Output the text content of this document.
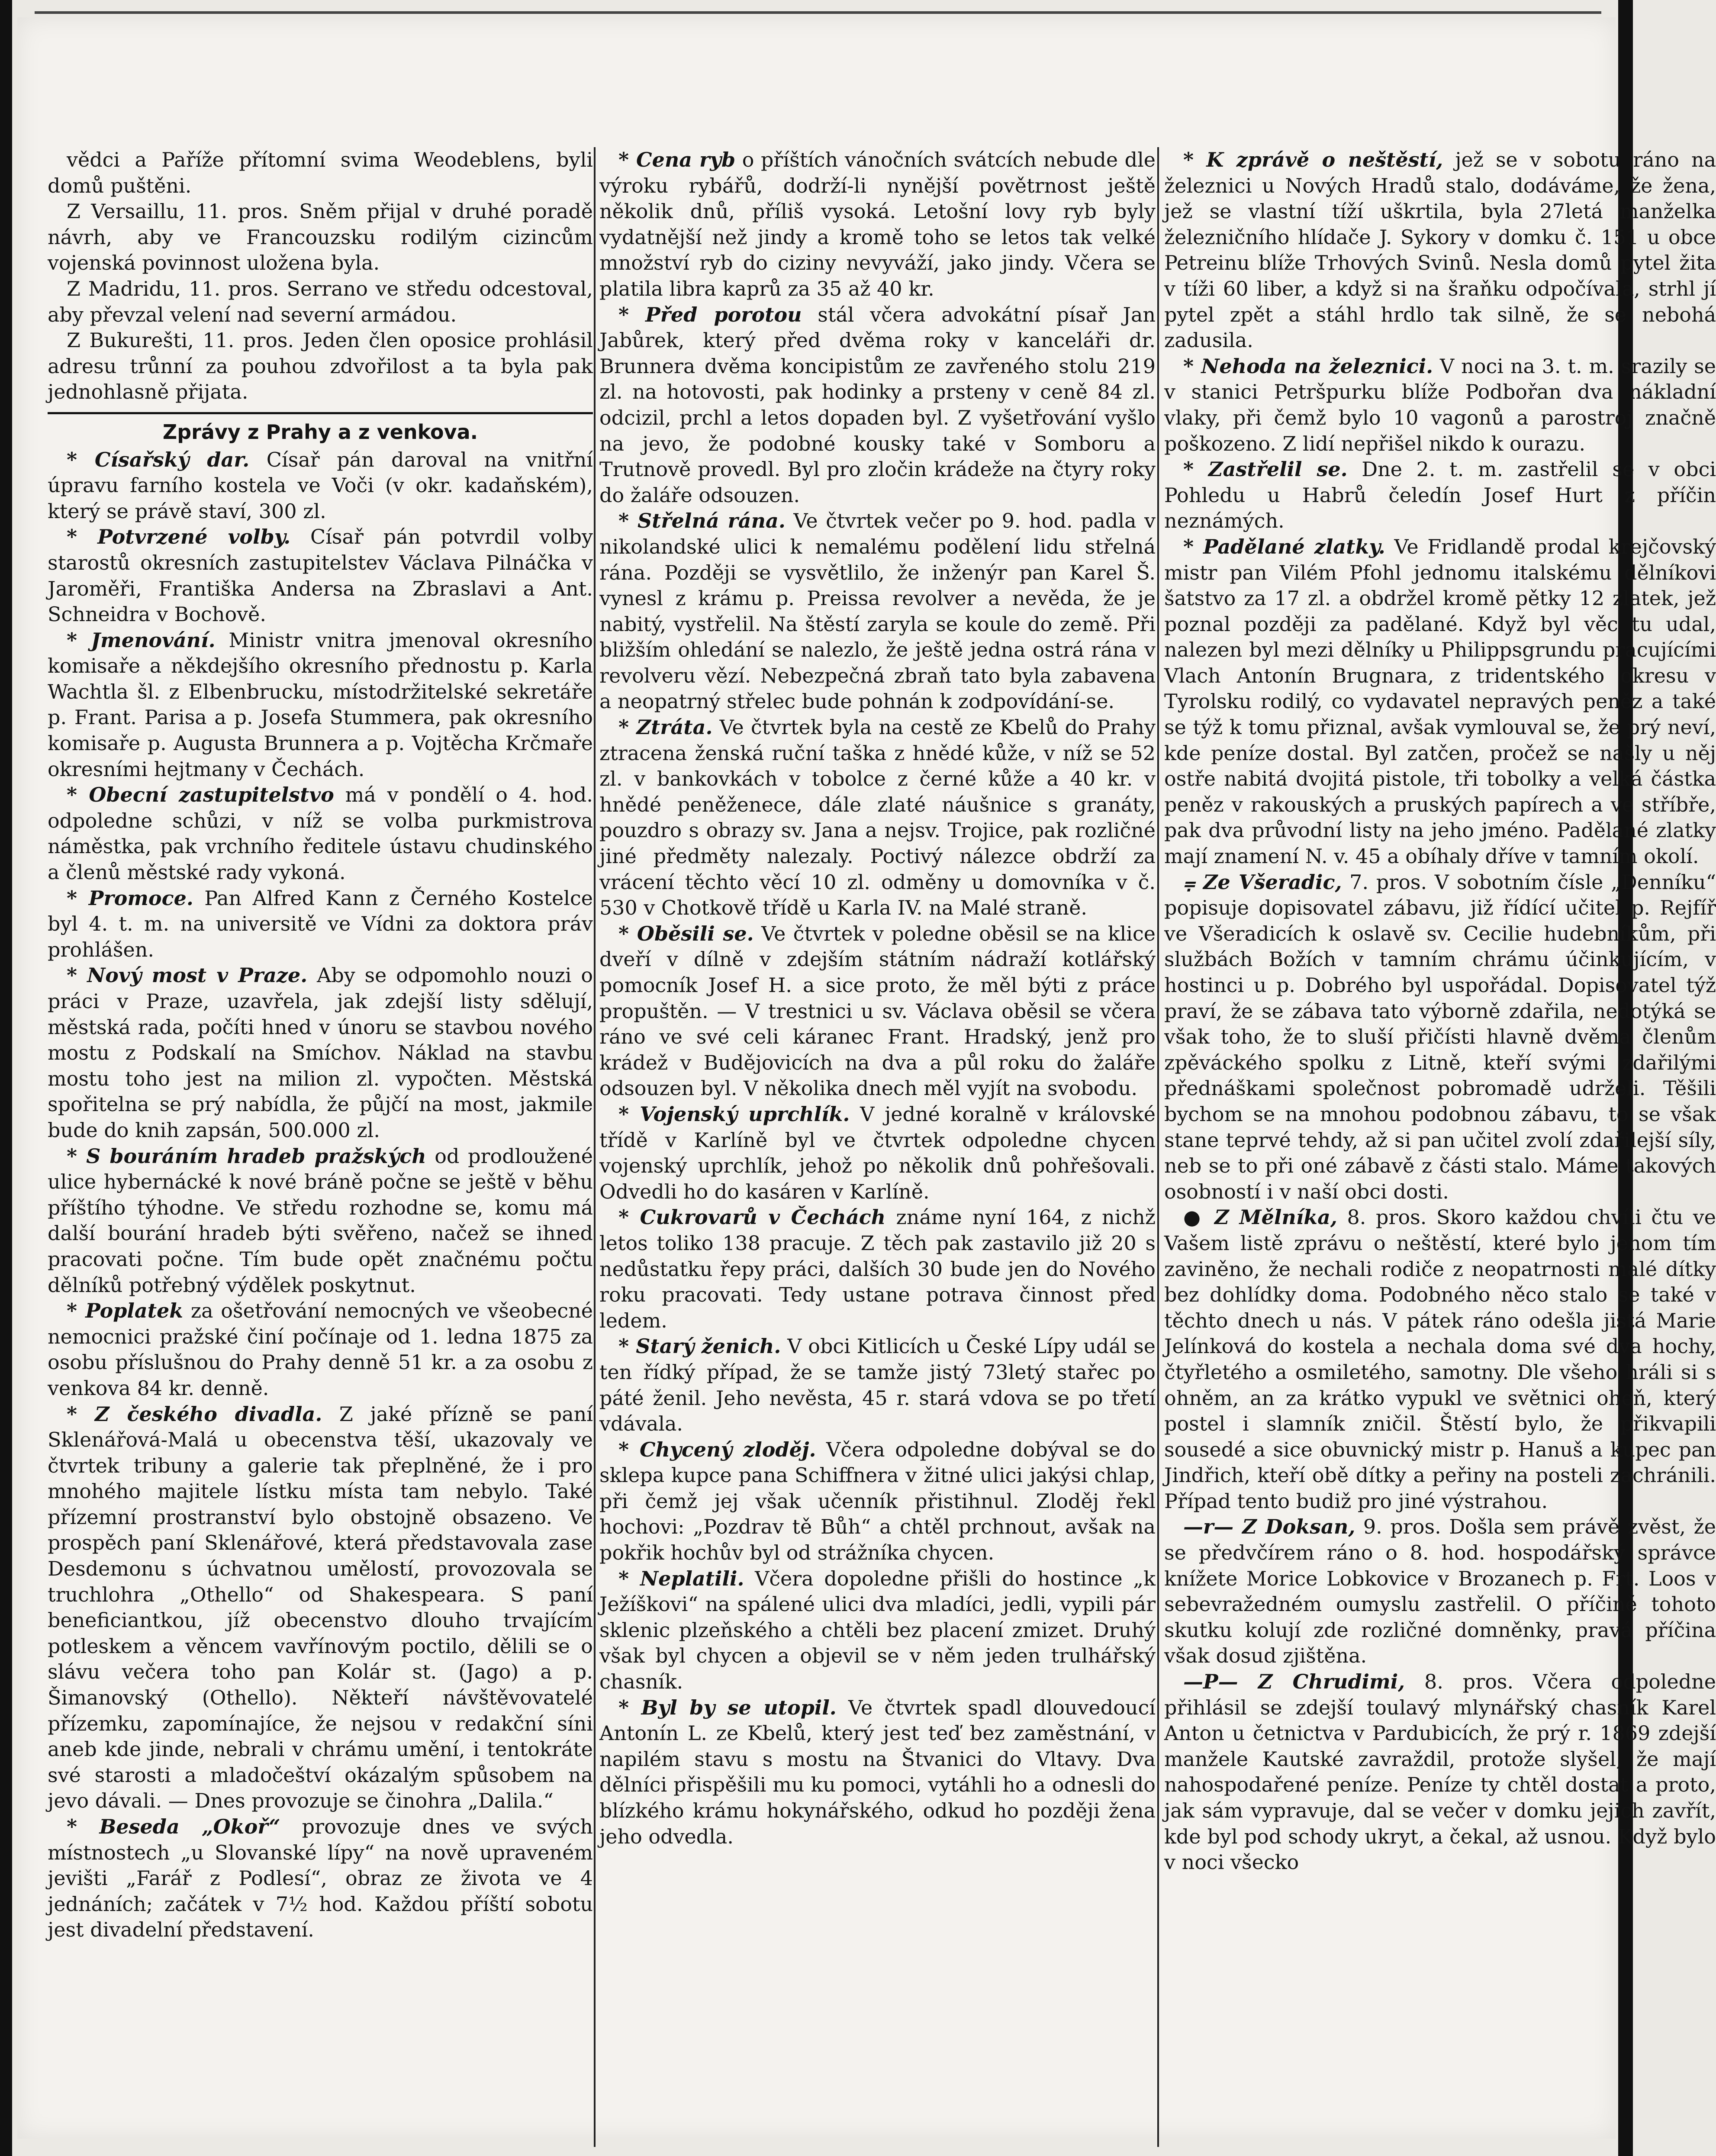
vědci a Paříže přítomní svima Weodeblens, byli domů puštěni.

Z Versaillu, 11. pros. Sněm přijal v druhé poradě návrh, aby ve Francouzsku rodilým cizincům vojenská povinnost uložena byla.

Z Madridu, 11. pros. Serrano ve středu odcestoval, aby převzal velení nad severní armádou.

Z Bukurešti, 11. pros. Jeden člen oposice prohlásil adresu trůnní za pouhou zdvořilost a ta byla pak jednohlasně přijata.

Zprávy z Prahy a z venkova.

* Císařský dar. Císař pán daroval na vnitřní úpravu farního kostela ve Voči (v okr. kadaňském), který se právě staví, 300 zl.

* Potvrzené volby. Císař pán potvrdil volby starostů okresních zastupitelstev Václava Pilnáčka v Jaroměři, Františka Andersa na Zbraslavi a Ant. Schneidra v Bochově.

* Jmenování. Ministr vnitra jmenoval okresního komisaře a někdejšího okresního přednostu p. Karla Wachtla šl. z Elbenbrucku, místodržitelské sekretáře p. Frant. Parisa a p. Josefa Stummera, pak okresního komisaře p. Augusta Brunnera a p. Vojtěcha Krčmaře okresními hejtmany v Čechách.

* Obecní zastupitelstvo má v pondělí o 4. hod. odpoledne schůzi, v níž se volba purkmistrova náměstka, pak vrchního ředitele ústavu chudinského a členů městské rady vykoná.

* Promoce. Pan Alfred Kann z Černého Kostelce byl 4. t. m. na universitě ve Vídni za doktora práv prohlášen.

* Nový most v Praze. Aby se odpomohlo nouzi o práci v Praze, uzavřela, jak zdejší listy sdělují, městská rada, počíti hned v únoru se stavbou nového mostu z Podskalí na Smíchov. Náklad na stavbu mostu toho jest na milion zl. vypočten. Městská spořitelna se prý nabídla, že půjčí na most, jakmile bude do knih zapsán, 500.000 zl.

* S bouráním hradeb pražských od prodloužené ulice hybernácké k nové bráně počne se ještě v běhu příštího týhodne. Ve středu rozhodne se, komu má další bourání hradeb býti svěřeno, načež se ihned pracovati počne. Tím bude opět značnému počtu dělníků potřebný výdělek poskytnut.

* Poplatek za ošetřování nemocných ve všeobecné nemocnici pražské činí počínaje od 1. ledna 1875 za osobu příslušnou do Prahy denně 51 kr. a za osobu z venkova 84 kr. denně.

* Z českého divadla. Z jaké přízně se paní Sklenářová-Malá u obecenstva těší, ukazovaly ve čtvrtek tribuny a galerie tak přeplněné, že i pro mnohého majitele lístku místa tam nebylo. Také přízemní prostranství bylo obstojně obsazeno. Ve prospěch paní Sklenářové, která představovala zase Desdemonu s úchvatnou umělostí, provozovala se truchlohra „Othello“ od Shakespeara. S paní beneficiantkou, jíž obecenstvo dlouho trvajícím potleskem a věncem vavřínovým poctilo, dělili se o slávu večera toho pan Kolár st. (Jago) a p. Šimanovský (Othello). Někteří návštěvovatelé přízemku, zapomínajíce, že nejsou v redakční síni aneb kde jinde, nebrali v chrámu umění, i tentokráte své starosti a mladočeštví okázalým spůsobem na jevo dávali. — Dnes provozuje se činohra „Dalila.“

* Beseda „Okoř“ provozuje dnes ve svých místnostech „u Slovanské lípy“ na nově upraveném jevišti „Farář z Podlesí“, obraz ze života ve 4 jednáních; začátek v 7½ hod. Každou příští sobotu jest divadelní představení.

* Cena ryb o příštích vánočních svátcích nebude dle výroku rybářů, dodrží-li nynější povětrnost ještě několik dnů, příliš vysoká. Letošní lovy ryb byly vydatnější než jindy a kromě toho se letos tak velké množství ryb do ciziny nevyváží, jako jindy. Včera se platila libra kaprů za 35 až 40 kr.

* Před porotou stál včera advokátní písař Jan Jabůrek, který před dvěma roky v kanceláři dr. Brunnera dvěma koncipistům ze zavřeného stolu 219 zl. na hotovosti, pak hodinky a prsteny v ceně 84 zl. odcizil, prchl a letos dopaden byl. Z vyšetřování vyšlo na jevo, že podobné kousky také v Somboru a Trutnově provedl. Byl pro zločin krádeže na čtyry roky do žaláře odsouzen.

* Střelná rána. Ve čtvrtek večer po 9. hod. padla v nikolandské ulici k nemalému podělení lidu střelná rána. Později se vysvětlilo, že inženýr pan Karel Š. vynesl z krámu p. Preissa revolver a nevěda, že je nabitý, vystřelil. Na štěstí zaryla se koule do země. Při bližším ohledání se nalezlo, že ještě jedna ostrá rána v revolveru vězí. Nebezpečná zbraň tato byla zabavena a neopatrný střelec bude pohnán k zodpovídání-se.

* Ztráta. Ve čtvrtek byla na cestě ze Kbelů do Prahy ztracena ženská ruční taška z hnědé kůže, v níž se 52 zl. v bankovkách v tobolce z černé kůže a 40 kr. v hnědé peněženece, dále zlaté náušnice s granáty, pouzdro s obrazy sv. Jana a nejsv. Trojice, pak rozličné jiné předměty nalezaly. Poctivý nálezce obdrží za vrácení těchto věcí 10 zl. odměny u domovníka v č. 530 v Chotkově třídě u Karla IV. na Malé straně.

* Oběsili se. Ve čtvrtek v poledne oběsil se na klice dveří v dílně v zdejším státním nádraží kotlářský pomocník Josef H. a sice proto, že měl býti z práce propuštěn. — V trestnici u sv. Václava oběsil se včera ráno ve své celi káranec Frant. Hradský, jenž pro krádež v Budějovicích na dva a půl roku do žaláře odsouzen byl. V několika dnech měl vyjít na svobodu.

* Vojenský uprchlík. V jedné koralně v královské třídě v Karlíně byl ve čtvrtek odpoledne chycen vojenský uprchlík, jehož po několik dnů pohřešovali. Odvedli ho do kasáren v Karlíně.

* Cukrovarů v Čechách známe nyní 164, z nichž letos toliko 138 pracuje. Z těch pak zastavilo již 20 s nedůstatku řepy práci, dalších 30 bude jen do Nového roku pracovati. Tedy ustane potrava činnost před ledem.

* Starý ženich. V obci Kitlicích u České Lípy udál se ten řídký případ, že se tamže jistý 73letý stařec po páté ženil. Jeho nevěsta, 45 r. stará vdova se po třetí vdávala.

* Chycený zloděj. Včera odpoledne dobýval se do sklepa kupce pana Schiffnera v žitné ulici jakýsi chlap, při čemž jej však učenník přistihnul. Zloděj řekl hochovi: „Pozdrav tě Bůh“ a chtěl prchnout, avšak na pokřik hochův byl od strážníka chycen.

* Neplatili. Včera dopoledne přišli do hostince „k Ježíškovi“ na spálené ulici dva mladíci, jedli, vypili pár sklenic plzeňského a chtěli bez placení zmizet. Druhý však byl chycen a objevil se v něm jeden trulhářský chasník.

* Byl by se utopil. Ve čtvrtek spadl dlouvedoucí Antonín L. ze Kbelů, který jest teď bez zaměstnání, v napilém stavu s mostu na Štvanici do Vltavy. Dva dělníci přispěšili mu ku pomoci, vytáhli ho a odnesli do blízkého krámu hokynářského, odkud ho později žena jeho odvedla.

* K zprávě o neštěstí, jež se v sobotu ráno na železnici u Nových Hradů stalo, dodáváme, že žena, jež se vlastní tíží uškrtila, byla 27letá manželka železničního hlídače J. Sykory v domku č. 151 u obce Petreinu blíže Trhových Svinů. Nesla domů pytel žita v tíži 60 liber, a když si na šraňku odpočívala, strhl jí pytel zpět a stáhl hrdlo tak silně, že se nebohá zadusila.

* Nehoda na železnici. V noci na 3. t. m. srazily se v stanici Petršpurku blíže Podbořan dva nákladní vlaky, při čemž bylo 10 vagonů a parostroj značně poškozeno. Z lidí nepřišel nikdo k ourazu.

* Zastřelil se. Dne 2. t. m. zastřelil se v obci Pohledu u Habrů čeledín Josef Hurt z příčin neznámých.

* Padělané zlatky. Ve Fridlandě prodal krejčovský mistr pan Vilém Pfohl jednomu italskému dělníkovi šatstvo za 17 zl. a obdržel kromě pětky 12 zlatek, jež poznal později za padělané. Když byl věc tu udal, nalezen byl mezi dělníky u Philippsgrundu pracujícími Vlach Antonín Brugnara, z tridentského okresu v Tyrolsku rodilý, co vydavatel nepravých peněz a také se týž k tomu přiznal, avšak vymlouval se, že prý neví, kde peníze dostal. Byl zatčen, pročež se našly u něj ostře nabitá dvojitá pistole, tři tobolky a velká částka peněz v rakouských a pruských papírech a ve stříbře, pak dva průvodní listy na jeho jméno. Padělané zlatky mají znamení N. v. 45 a obíhaly dříve v tamním okolí.

⩦ Ze Všeradic, 7. pros. V sobotním čísle „Denníku“ popisuje dopisovatel zábavu, již řídící učitel p. Rejfíř ve Všeradicích k oslavě sv. Cecilie hudebníkům, při službách Božích v tamním chrámu účinkujícím, v hostinci u p. Dobrého byl uspořádal. Dopisovatel týž praví, že se zábava tato výborně zdařila, nedotýká se však toho, že to sluší přičísti hlavně dvěma členům zpěváckého spolku z Litně, kteří svými zdařilými přednáškami společnost pobromadě udrželi. Těšili bychom se na mnohou podobnou zábavu, to se však stane teprvé tehdy, až si pan učitel zvolí zdařilejší síly, neb se to při oné zábavě z části stalo. Máme takových osobností i v naší obci dosti.

● Z Mělníka, 8. pros. Skoro každou chvíli čtu ve Vašem listě zprávu o neštěstí, které bylo jenom tím zaviněno, že nechali rodiče z neopatrnosti malé dítky bez dohlídky doma. Podobného něco stalo se také v těchto dnech u nás. V pátek ráno odešla jistá Marie Jelínková do kostela a nechala doma své dva hochy, čtyřletého a osmiletého, samotny. Dle všeho hráli si s ohněm, an za krátko vypukl ve světnici oheň, který postel i slamník zničil. Štěstí bylo, že přikvapili sousedé a sice obuvnický mistr p. Hanuš a kupec pan Jindřich, kteří obě dítky a peřiny na posteli zachránili. Případ tento budiž pro jiné výstrahou.

—r— Z Doksan, 9. pros. Došla sem právě zvěst, že se předvčírem ráno o 8. hod. hospodářský správce knížete Morice Lobkovice v Brozanech p. Frt. Loos v sebevražedném oumyslu zastřelil. O příčině tohoto skutku kolují zde rozličné domněnky, pravá příčina však dosud zjištěna.

—P— Z Chrudimi, 8. pros. Včera odpoledne přihlásil se zdejší toulavý mlynářský chasník Karel Anton u četnictva v Pardubicích, že prý r. 1869 zdejší manžele Kautské zavraždil, protože slyšel, že mají nahospodařené peníze. Peníze ty chtěl dostat a proto, jak sám vypravuje, dal se večer v domku jejich zavřít, kde byl pod schody ukryt, a čekal, až usnou. Když bylo v noci všecko
